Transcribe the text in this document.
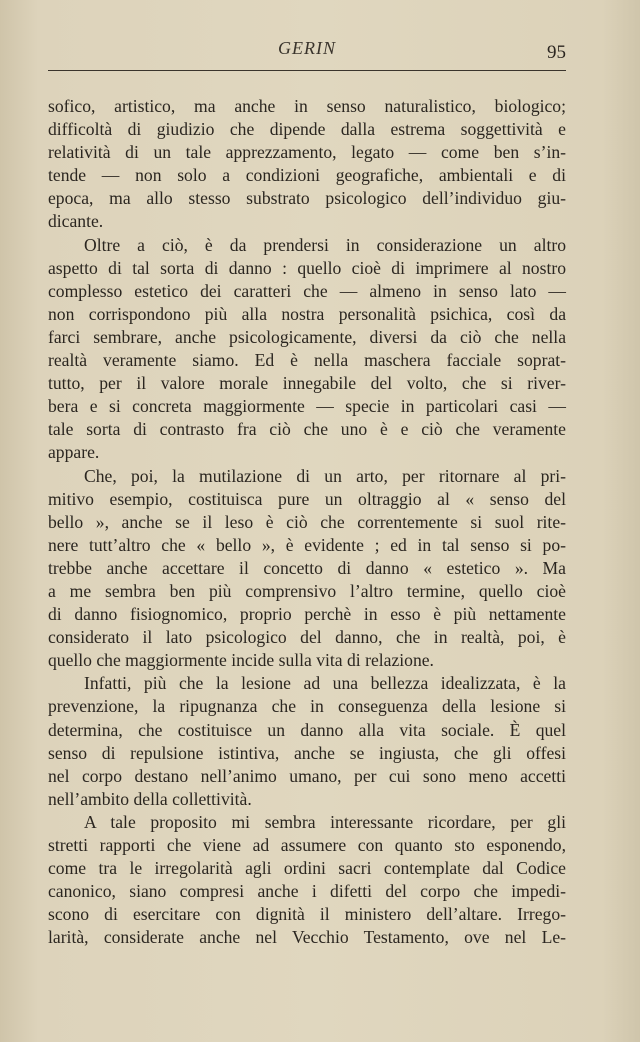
GERIN	95
sofico, artistico, ma anche in senso naturalistico, biologico;
difficoltà di giudizio che dipende dalla estrema soggettività e
relatività di un tale apprezzamento, legato — come ben s’in-
tende — non solo a condizioni geografiche, ambientali e di
epoca, ma allo stesso substrato psicologico dell’individuo giu-
dicante.
Oltre a ciò, è da prendersi in considerazione un altro
aspetto di tal sorta di danno : quello cioè di imprimere al nostro
complesso estetico dei caratteri che — almeno in senso lato —
non corrispondono più alla nostra personalità psichica, così da
farci sembrare, anche psicologicamente, diversi da ciò che nella
realtà veramente siamo. Ed è nella maschera facciale soprat-
tutto, per il valore morale innegabile del volto, che si river-
bera e si concreta maggiormente — specie in particolari casi —
tale sorta di contrasto fra ciò che uno è e ciò che veramente
appare.
Che, poi, la mutilazione di un arto, per ritornare al pri-
mitivo esempio, costituisca pure un oltraggio al « senso del
bello », anche se il leso è ciò che correntemente si suol rite-
nere tutt’altro che « bello », è evidente ; ed in tal senso si po-
trebbe anche accettare il concetto di danno « estetico ». Ma
a me sembra ben più comprensivo l’altro termine, quello cioè
di danno fisiognomico, proprio perchè in esso è più nettamente
considerato il lato psicologico del danno, che in realtà, poi, è
quello che maggiormente incide sulla vita di relazione.
Infatti, più che la lesione ad una bellezza idealizzata, è la
prevenzione, la ripugnanza che in conseguenza della lesione si
determina, che costituisce un danno alla vita sociale. È quel
senso di repulsione istintiva, anche se ingiusta, che gli offesi
nel corpo destano nell’animo umano, per cui sono meno accetti
nell’ambito della collettività.
A tale proposito mi sembra interessante ricordare, per gli
stretti rapporti che viene ad assumere con quanto sto esponendo,
come tra le irregolarità agli ordini sacri contemplate dal Codice
canonico, siano compresi anche i difetti del corpo che impedi-
scono di esercitare con dignità il ministero dell’altare. Irrego-
larità, considerate anche nel Vecchio Testamento, ove nel Le-
